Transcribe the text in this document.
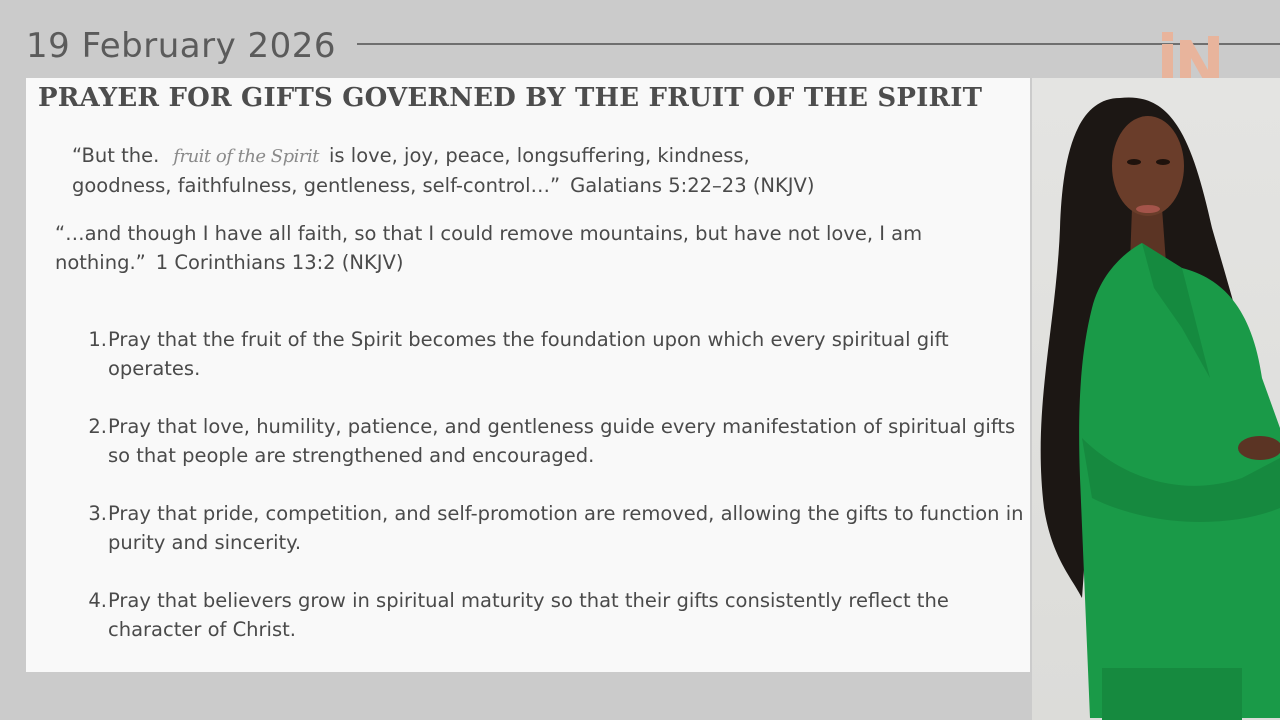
19 February 2026
PRAYER FOR GIFTS GOVERNED BY THE FRUIT OF THE SPIRIT
“But the. fruit of the Spirit is love, joy, peace, longsuffering, kindness,
goodness, faithfulness, gentleness, self-control…” Galatians 5:22–23 (NKJV)
“…and though I have all faith, so that I could remove mountains, but have not love, I am nothing.” 1 Corinthians 13:2 (NKJV)
1. Pray that the fruit of the Spirit becomes the foundation upon which every spiritual gift operates.
2. Pray that love, humility, patience, and gentleness guide every manifestation of spiritual gifts so that people are strengthened and encouraged.
3. Pray that pride, competition, and self-promotion are removed, allowing the gifts to function in purity and sincerity.
4. Pray that believers grow in spiritual maturity so that their gifts consistently reflect the character of Christ.
